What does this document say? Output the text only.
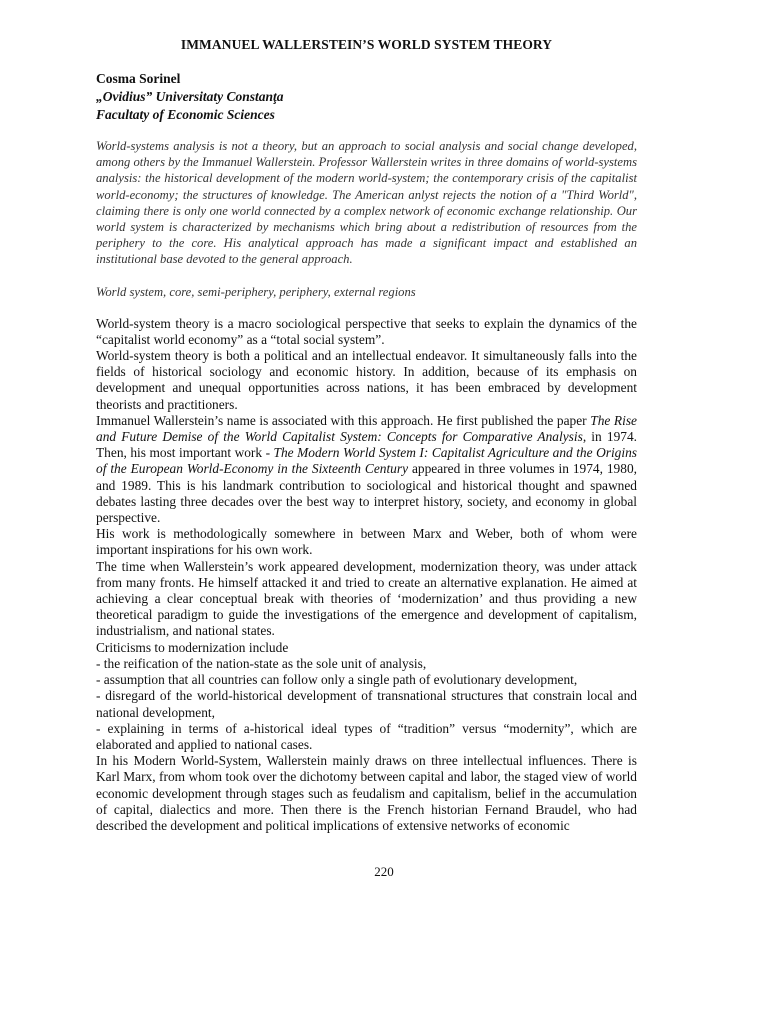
IMMANUEL WALLERSTEIN’S WORLD SYSTEM THEORY
Cosma Sorinel
„Ovidius” Universitaty Constanţa
Facultaty of Economic Sciences
World-systems analysis is not a theory, but an approach to social analysis and social change developed, among others by the Immanuel Wallerstein. Professor Wallerstein writes in three domains of world-systems analysis: the historical development of the modern world-system; the contemporary crisis of the capitalist world-economy; the structures of knowledge. The American anlyst rejects the notion of a "Third World", claiming there is only one world connected by a complex network of economic exchange relationship. Our world system is characterized by mechanisms which bring about a redistribution of resources from the periphery to the core. His analytical approach has made a significant impact and established an institutional base devoted to the general approach.
World system, core, semi-periphery, periphery, external regions

World-system theory is a macro sociological perspective that seeks to explain the dynamics of the “capitalist world economy” as a “total social system”.

World-system theory is both a political and an intellectual endeavor. It simultaneously falls into the fields of historical sociology and economic history. In addition, because of its emphasis on development and unequal opportunities across nations, it has been embraced by development theorists and practitioners.

Immanuel Wallerstein’s name is associated with this approach. He first published the paper The Rise and Future Demise of the World Capitalist System: Concepts for Comparative Analysis, in 1974. Then, his most important work - The Modern World System I: Capitalist Agriculture and the Origins of the European World-Economy in the Sixteenth Century appeared in three volumes in 1974, 1980, and 1989. This is his landmark contribution to sociological and historical thought and spawned debates lasting three decades over the best way to interpret history, society, and economy in global perspective.

His work is methodologically somewhere in between Marx and Weber, both of whom were important inspirations for his own work.

The time when Wallerstein’s work appeared development, modernization theory, was under attack from many fronts. He himself attacked it and tried to create an alternative explanation. He aimed at achieving a clear conceptual break with theories of ‘modernization’ and thus providing a new theoretical paradigm to guide the investigations of the emergence and development of capitalism, industrialism, and national states.

Criticisms to modernization include

- the reification of the nation-state as the sole unit of analysis,

- assumption that all countries can follow only a single path of evolutionary development,

- disregard of the world-historical development of transnational structures that constrain local and national development,

- explaining in terms of a-historical ideal types of “tradition” versus “modernity”, which are elaborated and applied to national cases.

In his Modern World-System, Wallerstein mainly draws on three intellectual influences. There is Karl Marx, from whom took over the dichotomy between capital and labor, the staged view of world economic development through stages such as feudalism and capitalism, belief in the accumulation of capital, dialectics and more. Then there is the French historian Fernand Braudel, who had described the development and political implications of extensive networks of economic

220
